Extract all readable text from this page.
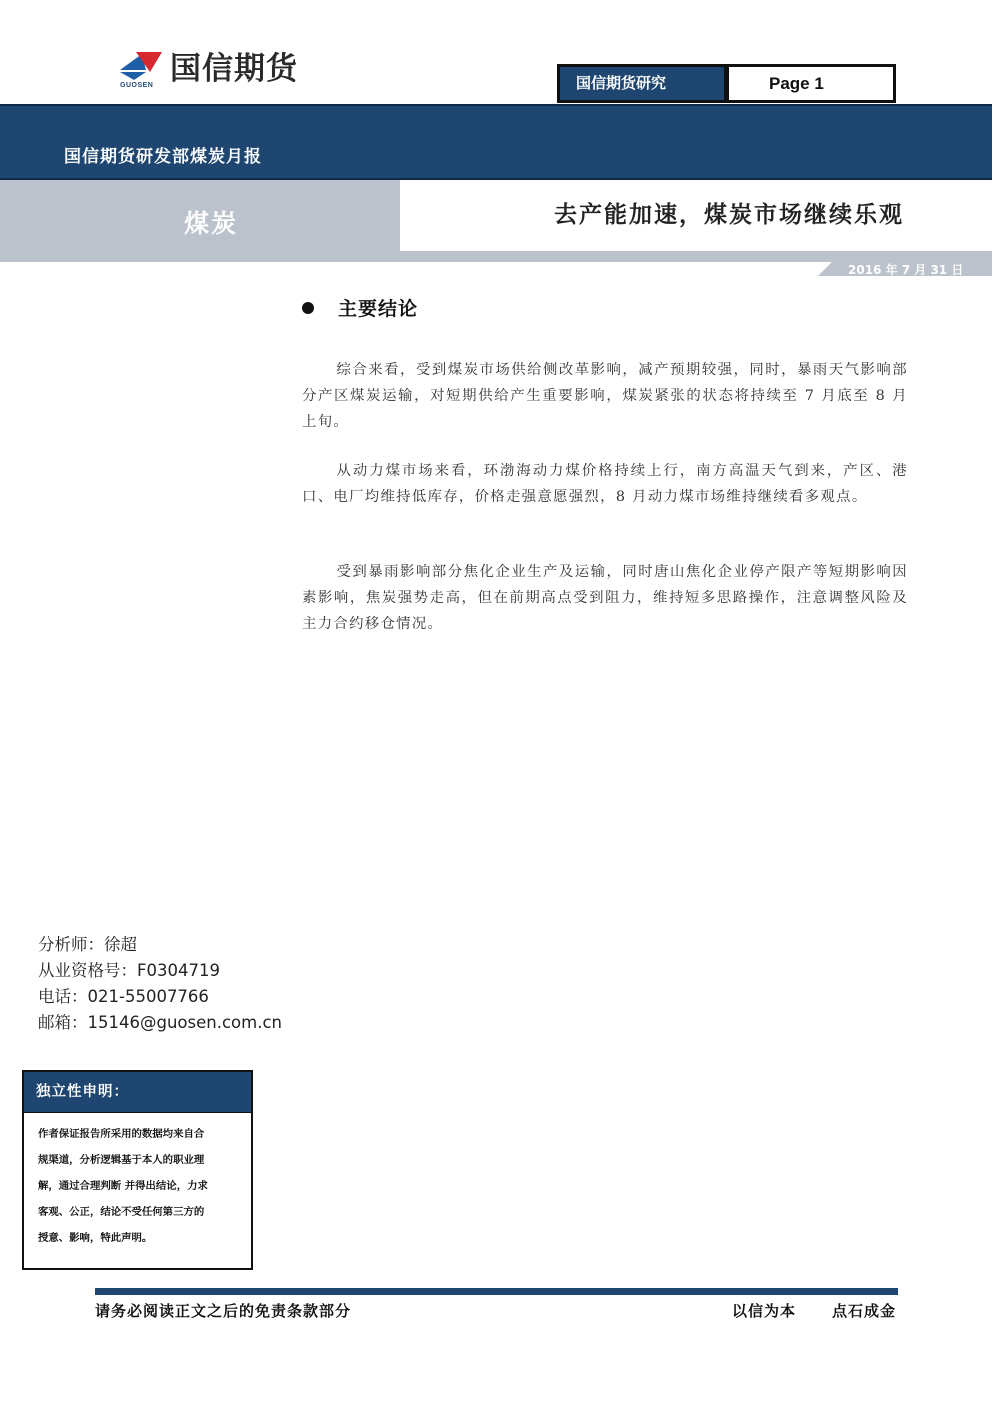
GUOSEN 国信期货	国信期货研究	Page 1
国信期货研发部煤炭月报
煤炭	去产能加速，煤炭市场继续乐观
2016 年 7 月 31 日
主要结论

综合来看，受到煤炭市场供给侧改革影响，减产预期较强，同时，暴雨天气影响部分产区煤炭运输，对短期供给产生重要影响，煤炭紧张的状态将持续至 7 月底至 8 月上旬。

从动力煤市场来看，环渤海动力煤价格持续上行，南方高温天气到来，产区、港口、电厂均维持低库存，价格走强意愿强烈，8 月动力煤市场维持继续看多观点。

受到暴雨影响部分焦化企业生产及运输，同时唐山焦化企业停产限产等短期影响因素影响，焦炭强势走高，但在前期高点受到阻力，维持短多思路操作，注意调整风险及主力合约移仓情况。

分析师：徐超
从业资格号：F0304719
电话：021-55007766
邮箱：15146@guosen.com.cn
独立性申明：
作者保证报告所采用的数据均来自合
规渠道，分析逻辑基于本人的职业理
解，通过合理判断 并得出结论，力求
客观、公正，结论不受任何第三方的
授意、影响，特此声明。
请务必阅读正文之后的免责条款部分	以信为本 点石成金
